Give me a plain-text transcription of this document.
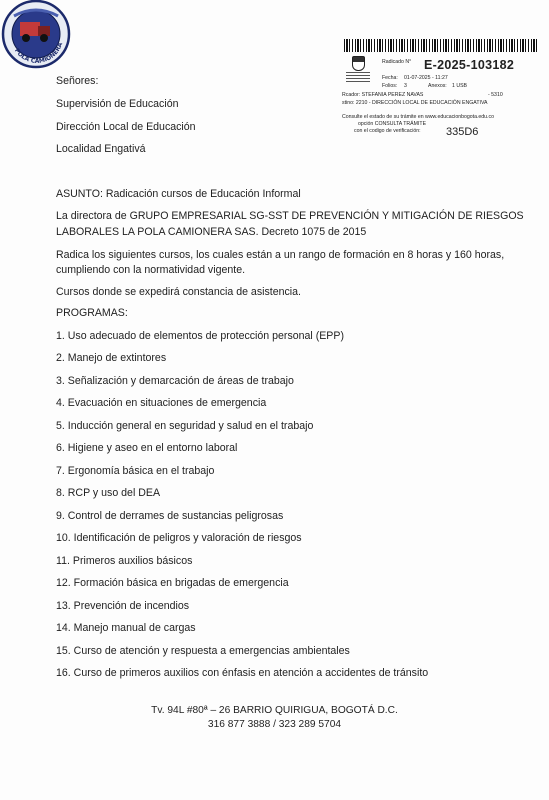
POLA CAMIONERA
Radicado N° E-2025-103182
Fecha: 01-07-2025 - 11:27
Folios: 3	Anexos: 1 USB
Rcador: STEFANIA PEREZ NAVAS	- 5310
stino: 2210 - DIRECCIÓN LOCAL DE EDUCACIÓN ENGATIVA
Consulte el estado de su trámite en www.educacionbogota.edu.co
opción CONSULTA TRÁMITE
con el codigo de verificación: 335D6
Señores:
Supervisión de Educación
Dirección Local de Educación
Localidad Engativá
ASUNTO: Radicación cursos de Educación Informal
La directora de GRUPO EMPRESARIAL SG-SST DE PREVENCIÓN Y MITIGACIÓN DE RIESGOS
LABORALES LA POLA CAMIONERA SAS. Decreto 1075 de 2015
Radica los siguientes cursos, los cuales están a un rango de formación en 8 horas y 160 horas,
cumpliendo con la normatividad vigente.
Cursos donde se expedirá constancia de asistencia.
PROGRAMAS:
1. Uso adecuado de elementos de protección personal (EPP)
2. Manejo de extintores
3. Señalización y demarcación de áreas de trabajo
4. Evacuación en situaciones de emergencia
5. Inducción general en seguridad y salud en el trabajo
6. Higiene y aseo en el entorno laboral
7. Ergonomía básica en el trabajo
8. RCP y uso del DEA
9. Control de derrames de sustancias peligrosas
10. Identificación de peligros y valoración de riesgos
11. Primeros auxilios básicos
12. Formación básica en brigadas de emergencia
13. Prevención de incendios
14. Manejo manual de cargas
15. Curso de atención y respuesta a emergencias ambientales
16. Curso de primeros auxilios con énfasis en atención a accidentes de tránsito
Tv. 94L #80ª – 26 BARRIO QUIRIGUA, BOGOTÁ D.C.
316 877 3888 / 323 289 5704
